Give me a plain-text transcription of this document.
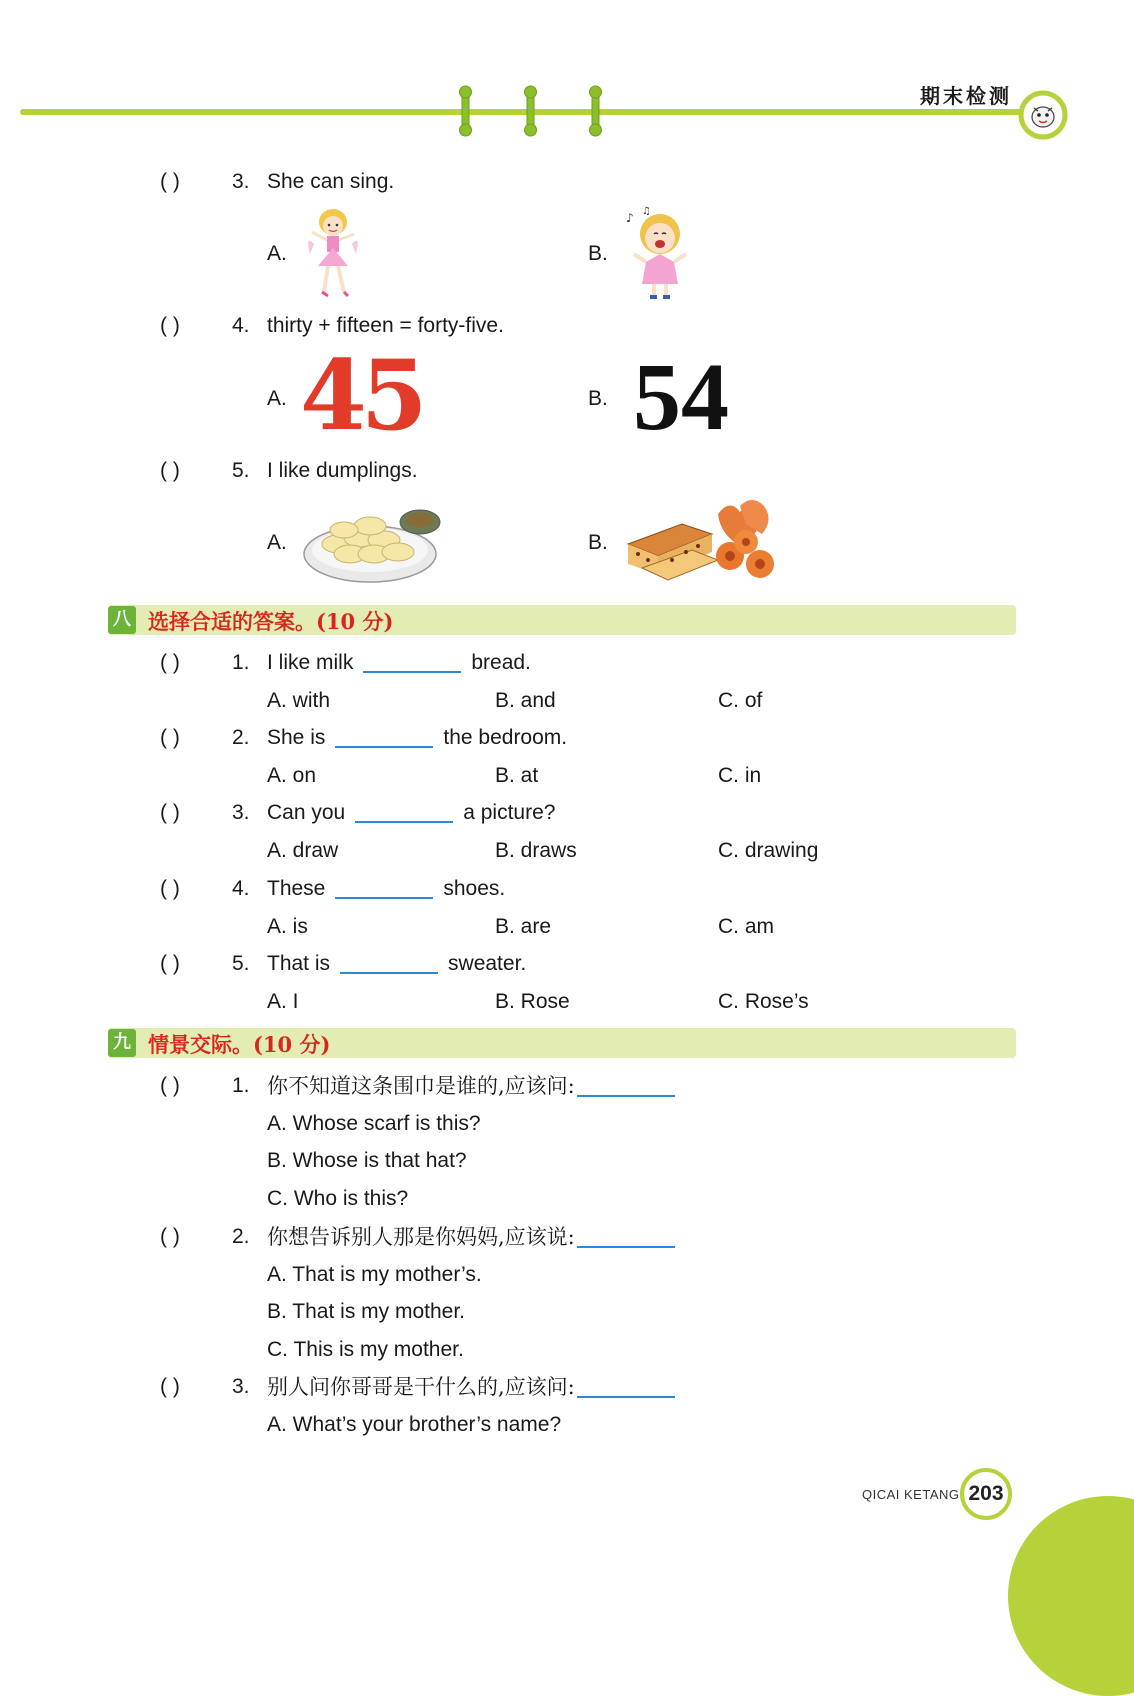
期末检测
( ) 3. She can sing.
A.	B.
♪ ♫
( ) 4. thirty + fifteen = forty-five.
A. 45	B. 54
( ) 5. I like dumplings.
A.	B.
八 选择合适的答案。(10 分)
( ) 1. I like milk	bread.
A. with	B. and	C. of
( ) 2. She is	the bedroom.
A. on	B. at	C. in
( ) 3. Can you	a picture?
A. draw	B. draws	C. drawing
( ) 4. These	shoes.
A. is	B. are	C. am
( ) 5. That is	sweater.
A. I	B. Rose	C. Rose’s
九 情景交际。(10 分)
( ) 1. 你不知道这条围巾是谁的,应该问:
A. Whose scarf is this?
B. Whose is that hat?
C. Who is this?
( ) 2. 你想告诉别人那是你妈妈,应该说:
A. That is my mother’s.
B. That is my mother.
C. This is my mother.
( ) 3. 别人问你哥哥是干什么的,应该问:
A. What’s your brother’s name?
QICAI KETANG 203
